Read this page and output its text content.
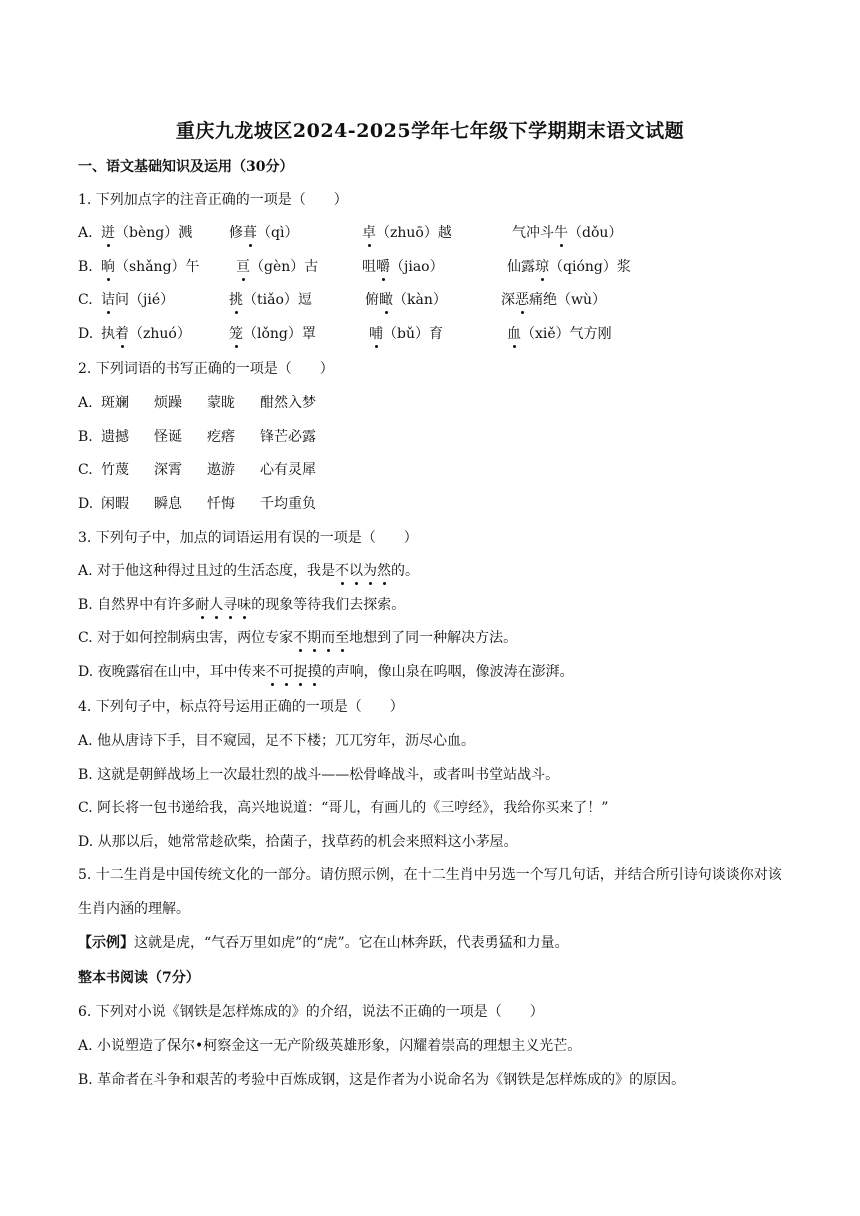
重庆九龙坡区2024-2025学年七年级下学期期末语文试题
一、语文基础知识及运用（30分）
1. 下列加点字的注音正确的一项是（　　）
A. 迸（bèng）溅	修葺（qì）	卓（zhuō）越	气冲斗牛（dǒu）
B. 晌（shǎng）午	亘（gèn）古	咀嚼（jiao）	仙露琼（qióng）浆
C. 诘问（jié）	挑（tiǎo）逗	俯瞰（kàn）	深恶痛绝（wù）
D. 执着（zhuó）	笼（lǒng）罩	哺（bǔ）育	血（xiě）气方刚
2. 下列词语的书写正确的一项是（　　）
A. 斑斓 烦躁 蒙眬 酣然入梦
B. 遗撼 怪诞 疙瘩 锋芒必露
C. 竹蔑 深霄 遨游 心有灵犀
D. 闲暇 瞬息 忏悔 千均重负
3. 下列句子中，加点的词语运用有误的一项是（　　）
A. 对于他这种得过且过的生活态度，我是不以为然的。
B. 自然界中有许多耐人寻味的现象等待我们去探索。
C. 对于如何控制病虫害，两位专家不期而至地想到了同一种解决方法。
D. 夜晚露宿在山中，耳中传来不可捉摸的声响，像山泉在呜咽，像波涛在澎湃。
4. 下列句子中，标点符号运用正确的一项是（　　）
A. 他从唐诗下手，目不窥园，足不下楼；兀兀穷年，沥尽心血。
B. 这就是朝鲜战场上一次最壮烈的战斗——松骨峰战斗，或者叫书堂站战斗。
C. 阿长将一包书递给我，高兴地说道：“哥儿，有画儿的《三哼经》，我给你买来了！”
D. 从那以后，她常常趁砍柴，拾菌子，找草药的机会来照料这小茅屋。
5. 十二生肖是中国传统文化的一部分。请仿照示例，在十二生肖中另选一个写几句话，并结合所引诗句谈谈你对该生肖内涵的理解。
【示例】这就是虎，“气吞万里如虎”的“虎”。它在山林奔跃，代表勇猛和力量。
整本书阅读（7分）
6. 下列对小说《钢铁是怎样炼成的》的介绍，说法不正确的一项是（　　）
A. 小说塑造了保尔•柯察金这一无产阶级英雄形象，闪耀着崇高的理想主义光芒。
B. 革命者在斗争和艰苦的考验中百炼成钢，这是作者为小说命名为《钢铁是怎样炼成的》的原因。
